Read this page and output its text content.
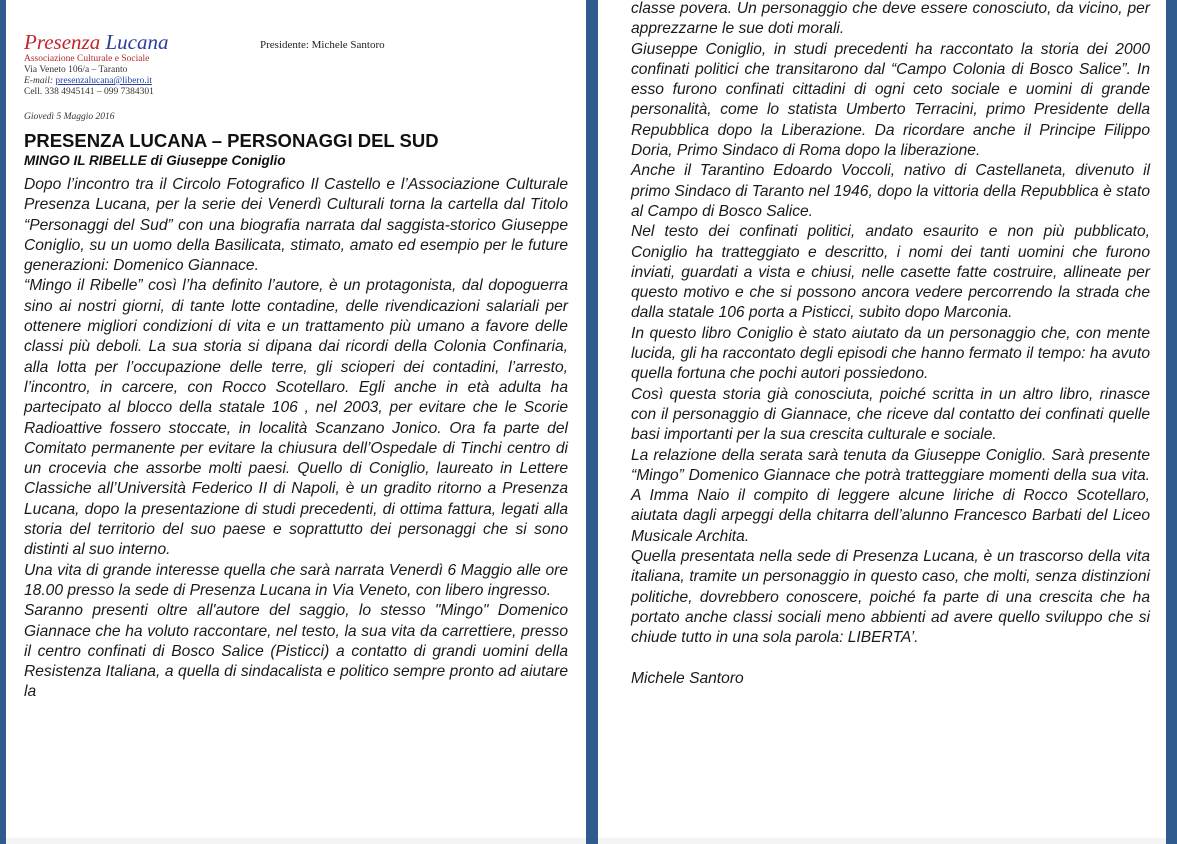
Presenza Lucana	Presidente: Michele Santoro
Associazione Culturale e Sociale
Via Veneto 106/a – Taranto
E-mail: presenzalucana@libero.it
Cell. 338 4945141 – 099 7384301
Giovedì 5 Maggio 2016
PRESENZA LUCANA – PERSONAGGI DEL SUD
MINGO IL RIBELLE di Giuseppe Coniglio

Dopo l’incontro tra il Circolo Fotografico Il Castello e l’Associazione Culturale Presenza Lucana, per la serie dei Venerdì Culturali torna la cartella dal Titolo “Personaggi del Sud” con una biografia narrata dal saggista-storico Giuseppe Coniglio, su un uomo della Basilicata, stimato, amato ed esempio per le future generazioni: Domenico Giannace.

“Mingo il Ribelle” così l’ha definito l’autore, è un protagonista, dal dopoguerra sino ai nostri giorni, di tante lotte contadine, delle rivendicazioni salariali per ottenere migliori condizioni di vita e un trattamento più umano a favore delle classi più deboli. La sua storia si dipana dai ricordi della Colonia Confinaria, alla lotta per l’occupazione delle terre, gli scioperi dei contadini, l’arresto, l’incontro, in carcere, con Rocco Scotellaro. Egli anche in età adulta ha partecipato al blocco della statale 106 , nel 2003, per evitare che le Scorie Radioattive fossero stoccate, in località Scanzano Jonico. Ora fa parte del Comitato permanente per evitare la chiusura dell’Ospedale di Tinchi centro di un crocevia che assorbe molti paesi. Quello di Coniglio, laureato in Lettere Classiche all’Università Federico II di Napoli, è un gradito ritorno a Presenza Lucana, dopo la presentazione di studi precedenti, di ottima fattura, legati alla storia del territorio del suo paese e soprattutto dei personaggi che si sono distinti al suo interno.

Una vita di grande interesse quella che sarà narrata Venerdì 6 Maggio alle ore 18.00 presso la sede di Presenza Lucana in Via Veneto, con libero ingresso.

Saranno presenti oltre all'autore del saggio, lo stesso "Mingo" Domenico Giannace che ha voluto raccontare, nel testo, la sua vita da carrettiere, presso il centro confinati di Bosco Salice (Pisticci) a contatto di grandi uomini della Resistenza Italiana, a quella di sindacalista e politico sempre pronto ad aiutare la

classe povera. Un personaggio che deve essere conosciuto, da vicino, per apprezzarne le sue doti morali.

Giuseppe Coniglio, in studi precedenti ha raccontato la storia dei 2000 confinati politici che transitarono dal “Campo Colonia di Bosco Salice”. In esso furono confinati cittadini di ogni ceto sociale e uomini di grande personalità, come lo statista Umberto Terracini, primo Presidente della Repubblica dopo la Liberazione. Da ricordare anche il Principe Filippo Doria, Primo Sindaco di Roma dopo la liberazione.

Anche il Tarantino Edoardo Voccoli, nativo di Castellaneta, divenuto il primo Sindaco di Taranto nel 1946, dopo la vittoria della Repubblica è stato al Campo di Bosco Salice.

Nel testo dei confinati politici, andato esaurito e non più pubblicato, Coniglio ha tratteggiato e descritto, i nomi dei tanti uomini che furono inviati, guardati a vista e chiusi, nelle casette fatte costruire, allineate per questo motivo e che si possono ancora vedere percorrendo la strada che dalla statale 106 porta a Pisticci, subito dopo Marconia.

In questo libro Coniglio è stato aiutato da un personaggio che, con mente lucida, gli ha raccontato degli episodi che hanno fermato il tempo: ha avuto quella fortuna che pochi autori possiedono.

Così questa storia già conosciuta, poiché scritta in un altro libro, rinasce con il personaggio di Giannace, che riceve dal contatto dei confinati quelle basi importanti per la sua crescita culturale e sociale.

La relazione della serata sarà tenuta da Giuseppe Coniglio. Sarà presente “Mingo” Domenico Giannace che potrà tratteggiare momenti della sua vita. A Imma Naio il compito di leggere alcune liriche di Rocco Scotellaro, aiutata dagli arpeggi della chitarra dell’alunno Francesco Barbati del Liceo Musicale Archita.

Quella presentata nella sede di Presenza Lucana, è un trascorso della vita italiana, tramite un personaggio in questo caso, che molti, senza distinzioni politiche, dovrebbero conoscere, poiché fa parte di una crescita che ha portato anche classi sociali meno abbienti ad avere quello sviluppo che si chiude tutto in una sola parola: LIBERTA’.

Michele Santoro
